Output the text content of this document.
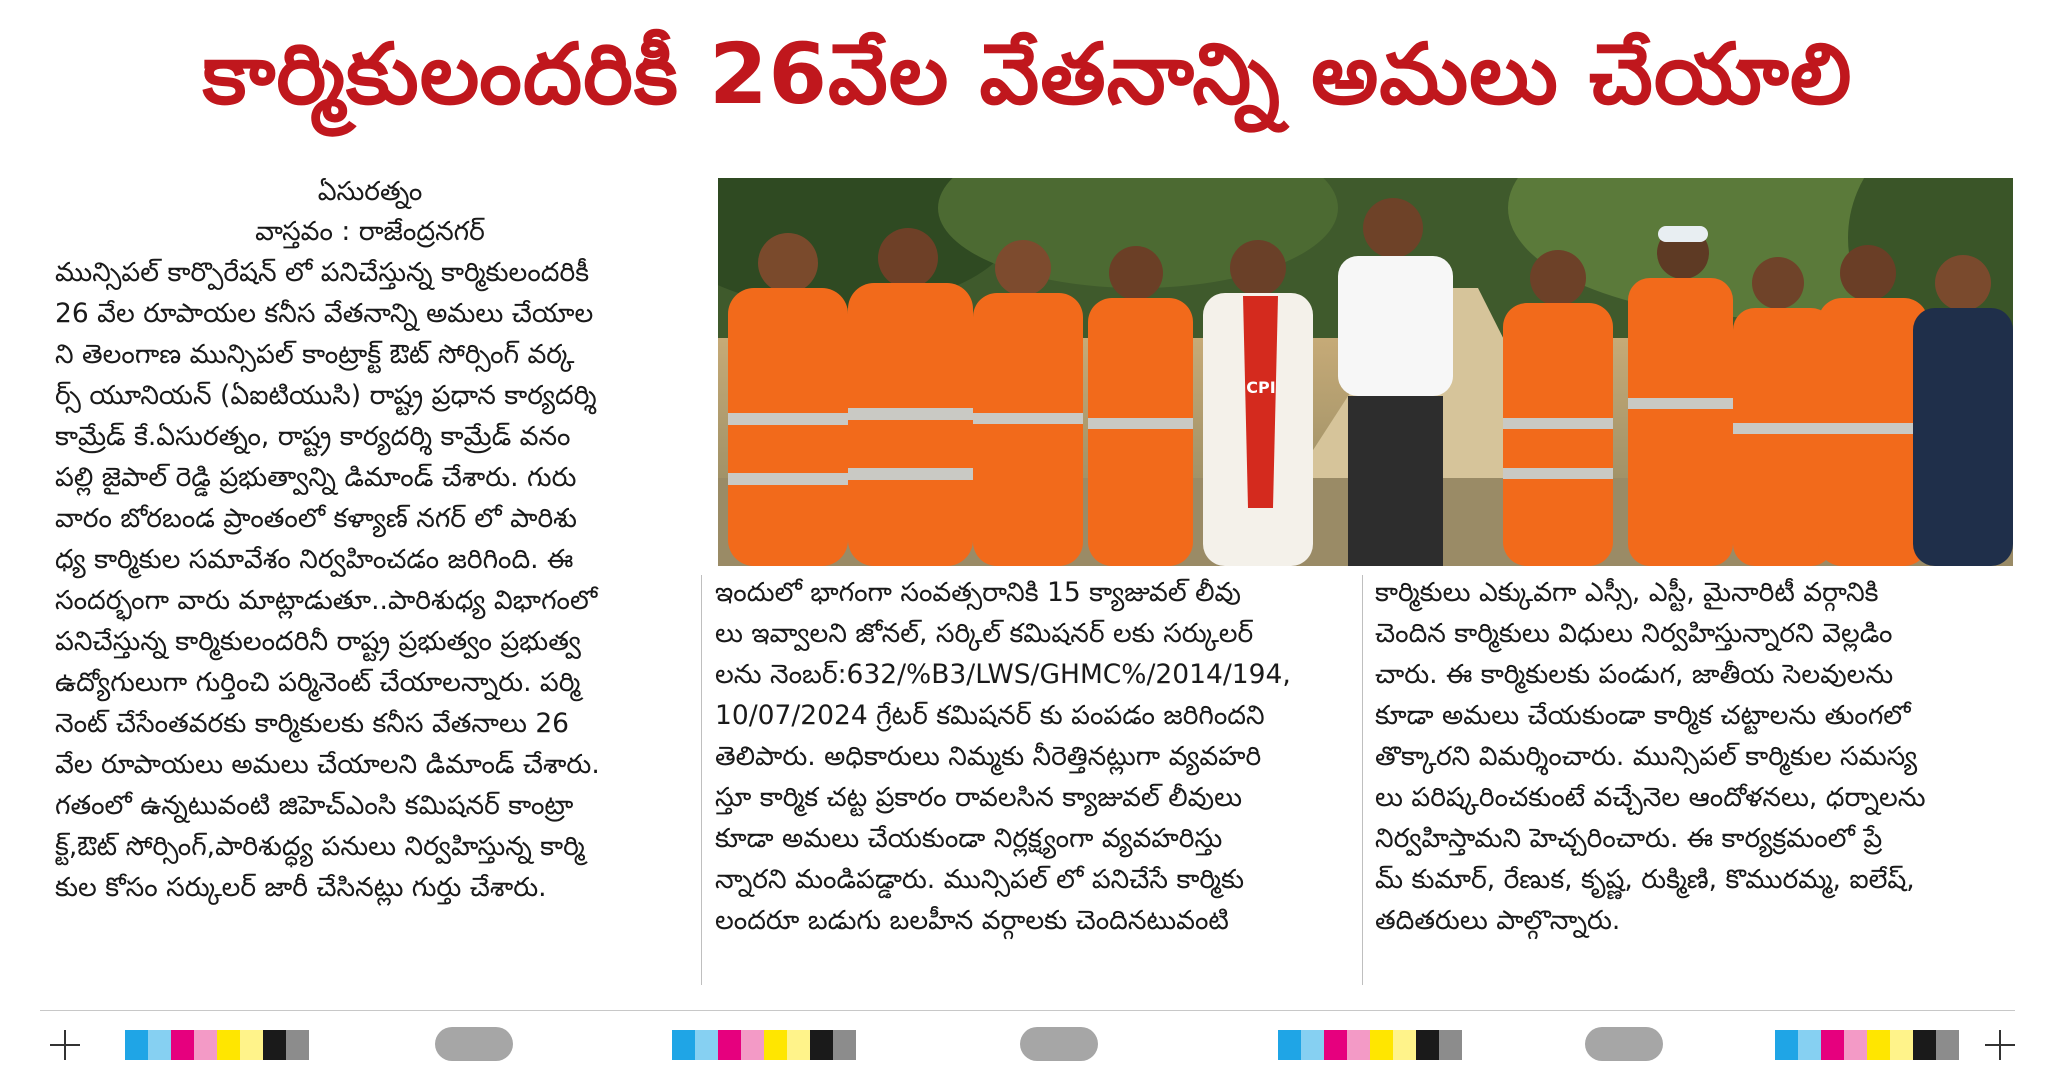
కార్మికులందరికీ 26వేల వేతనాన్ని అమలు చేయాలి
ఏసురత్నం
వాస్తవం : రాజేంద్రనగర్

మున్సిపల్ కార్పొరేషన్ లో పనిచేస్తున్న కార్మికులందరికీ

26 వేల రూపాయల కనీస వేతనాన్ని అమలు చేయాల

ని తెలంగాణ మున్సిపల్ కాంట్రాక్ట్ ఔట్ సోర్సింగ్ వర్క

ర్స్ యూనియన్ (ఏఐటియుసి) రాష్ట్ర ప్రధాన కార్యదర్శి

కామ్రేడ్ కే.ఏసురత్నం, రాష్ట్ర కార్యదర్శి కామ్రేడ్ వనం

పల్లి జైపాల్ రెడ్డి ప్రభుత్వాన్ని డిమాండ్ చేశారు. గురు

వారం బోరబండ ప్రాంతంలో కళ్యాణ్ నగర్ లో పారిశు

ధ్య కార్మికుల సమావేశం నిర్వహించడం జరిగింది. ఈ

సందర్భంగా వారు మాట్లాడుతూ..పారిశుధ్య విభాగంలో

పనిచేస్తున్న కార్మికులందరినీ రాష్ట్ర ప్రభుత్వం ప్రభుత్వ

ఉద్యోగులుగా గుర్తించి పర్మినెంట్ చేయాలన్నారు. పర్మి

నెంట్ చేసేంతవరకు కార్మికులకు కనీస వేతనాలు 26

వేల రూపాయలు అమలు చేయాలని డిమాండ్ చేశారు.

గతంలో ఉన్నటువంటి జిహెచ్ఎంసి కమిషనర్ కాంట్రా

క్ట్,ఔట్ సోర్సింగ్,పారిశుద్ధ్య పనులు నిర్వహిస్తున్న కార్మి

కుల కోసం సర్కులర్ జారీ చేసినట్లు గుర్తు చేశారు.

CPI

ఇందులో భాగంగా సంవత్సరానికి 15 క్యాజువల్ లీవు

లు ఇవ్వాలని జోనల్, సర్కిల్ కమిషనర్ లకు సర్కులర్

లను నెంబర్:632/%B3/LWS/GHMC%/2014/194,

10/07/2024 గ్రేటర్ కమిషనర్ కు పంపడం జరిగిందని

తెలిపారు. అధికారులు నిమ్మకు నీరెత్తినట్లుగా వ్యవహరి

స్తూ కార్మిక చట్ట ప్రకారం రావలసిన క్యాజువల్ లీవులు

కూడా అమలు చేయకుండా నిర్లక్ష్యంగా వ్యవహరిస్తు

న్నారని మండిపడ్డారు. మున్సిపల్ లో పనిచేసే కార్మికు

లందరూ బడుగు బలహీన వర్గాలకు చెందినటువంటి

కార్మికులు ఎక్కువగా ఎస్సీ, ఎస్టీ, మైనారిటీ వర్గానికి

చెందిన కార్మికులు విధులు నిర్వహిస్తున్నారని వెల్లడిం

చారు. ఈ కార్మికులకు పండుగ, జాతీయ సెలవులను

కూడా అమలు చేయకుండా కార్మిక చట్టాలను తుంగలో

తొక్కారని విమర్శించారు. మున్సిపల్ కార్మికుల సమస్య

లు పరిష్కరించకుంటే వచ్చేనెల ఆందోళనలు, ధర్నాలను

నిర్వహిస్తామని హెచ్చరించారు. ఈ కార్యక్రమంలో ప్రే

మ్ కుమార్, రేణుక, కృష్ణ, రుక్మిణి, కొమురమ్మ, ఐలేష్,

తదితరులు పాల్గొన్నారు.
